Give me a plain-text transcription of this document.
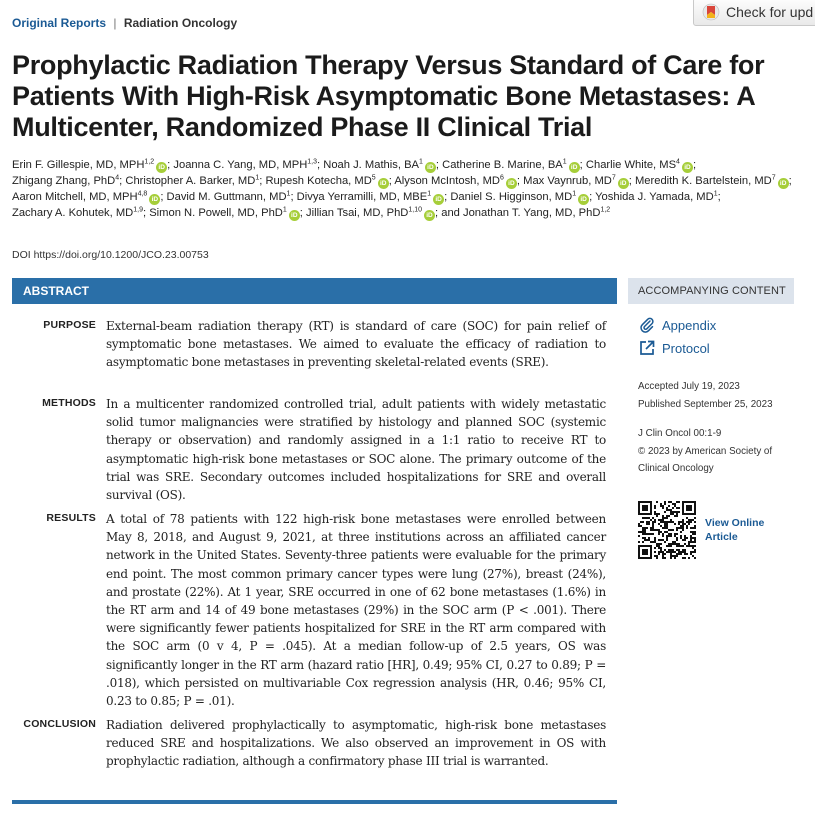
Original Reports | Radiation Oncology
Check for upd
Prophylactic Radiation Therapy Versus Standard of Care for Patients With High-Risk Asymptomatic Bone Metastases: A Multicenter, Randomized Phase II Clinical Trial
Erin F. Gillespie, MD, MPH$^{1,2}$iD ; Joanna C. Yang, MD, MPH$^{1,3}$; Noah J. Mathis, $BA^1iD$ ; Catherine B. Marine, $BA^1iD$ ; Charlie White, $MS^4iD$ ; Zhigang Zhang, PhD$^4$; Christopher A. Barker, $MD^1$; Rupesh Kotecha, $MD^5iD$ ; Alyson McIntosh, $MD^6iD$ ; Max Vaynrub, $MD^7iD$ ; Meredith K. Bartelstein, $MD^7iD$ ; Aaron Mitchell, MD, MPH$^{4,8}$iD ; David M. Guttmann, $MD^1$; Divya Yerramilli, MD, MBE$^1$iD ; Daniel S. Higginson, $MD^1iD$ ; Yoshida J. Yamada, $MD^1$; Zachary A. Kohutek, MD$^{1,9}$; Simon N. Powell, MD, PhD$^1$iD ; Jillian Tsai, MD, PhD$^{1,10}$iD ; and Jonathan T. Yang, MD, PhD$^{1,2}$
DOI https://doi.org/10.1200/JCO.23.00753
ABSTRACT
PURPOSE External-beam radiation therapy (RT) is standard of care (SOC) for pain relief of symptomatic bone metastases. We aimed to evaluate the efficacy of radiation to asymptomatic bone metastases in preventing skeletal-related events (SRE).
METHODS In a multicenter randomized controlled trial, adult patients with widely metastatic solid tumor malignancies were stratified by histology and planned SOC (systemic therapy or observation) and randomly assigned in a 1:1 ratio to receive RT to asymptomatic high-risk bone metastases or SOC alone. The primary outcome of the trial was SRE. Secondary outcomes included hospitalizations for SRE and overall survival (OS).
RESULTS A total of 78 patients with 122 high-risk bone metastases were enrolled between May 8, 2018, and August 9, 2021, at three institutions across an affiliated cancer network in the United States. Seventy-three patients were evaluable for the primary end point. The most common primary cancer types were lung (27%), breast (24%), and prostate (22%). At 1 year, SRE occurred in one of 62 bone metastases (1.6%) in the RT arm and 14 of 49 bone metastases (29%) in the SOC arm (P < .001). There were significantly fewer patients hospitalized for SRE in the RT arm compared with the SOC arm (0 v 4, P = .045). At a median follow-up of 2.5 years, OS was significantly longer in the RT arm (hazard ratio [HR], 0.49; 95% CI, 0.27 to 0.89; P = .018), which persisted on multivariable Cox regression analysis (HR, 0.46; 95% CI, 0.23 to 0.85; P = .01).
CONCLUSION Radiation delivered prophylactically to asymptomatic, high-risk bone metastases reduced SRE and hospitalizations. We also observed an improvement in OS with prophylactic radiation, although a confirmatory phase III trial is warranted.
ACCOMPANYING CONTENT
Appendix
Protocol
Accepted July 19, 2023
Published September 25, 2023
J Clin Oncol 00:1-9
© 2023 by American Society of
Clinical Oncology
View Online
Article
